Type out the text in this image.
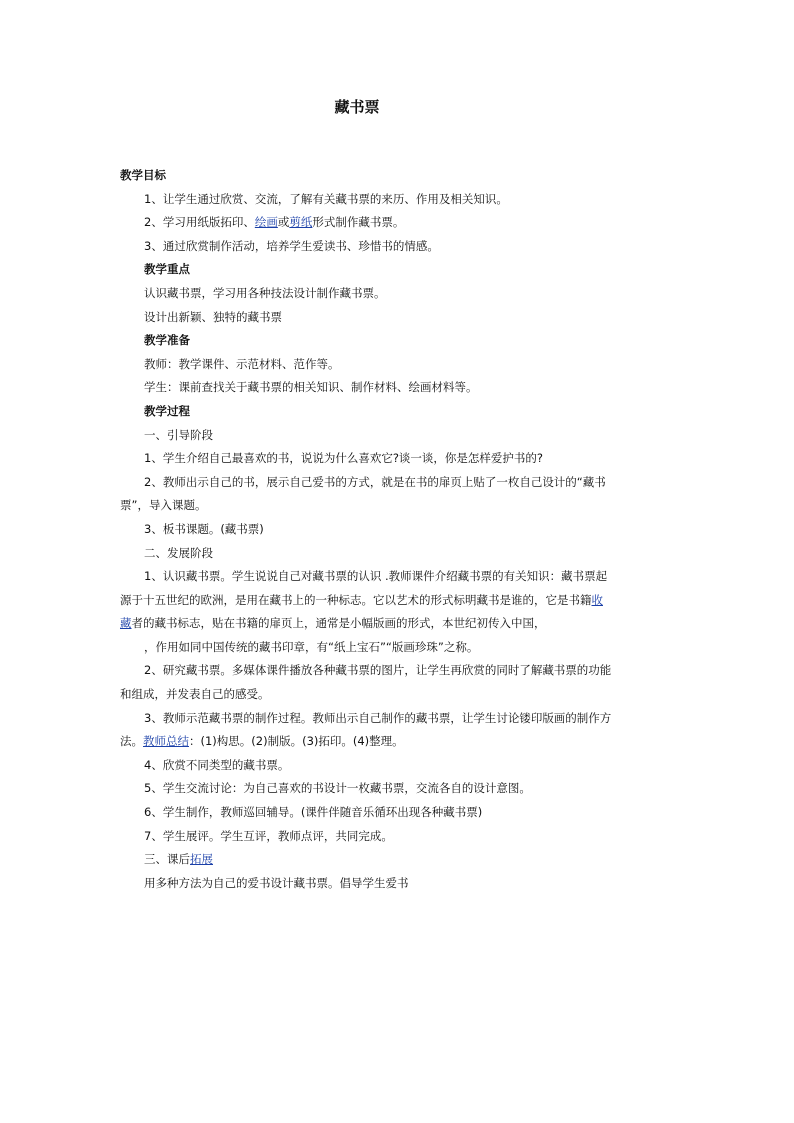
藏书票

教学目标

1、让学生通过欣赏、交流，了解有关藏书票的来历、作用及相关知识。

2、学习用纸版拓印、绘画或剪纸形式制作藏书票。

3、通过欣赏制作活动，培养学生爱读书、珍惜书的情感。

教学重点

认识藏书票，学习用各种技法设计制作藏书票。

设计出新颖、独特的藏书票

教学准备

教师：教学课件、示范材料、范作等。

学生：课前查找关于藏书票的相关知识、制作材料、绘画材料等。

教学过程

一、引导阶段

1、学生介绍自己最喜欢的书，说说为什么喜欢它?谈一谈，你是怎样爱护书的?

2、教师出示自己的书，展示自己爱书的方式，就是在书的扉页上贴了一枚自己设计的“藏书

票”，导入课题。

3、板书课题。(藏书票)

二、发展阶段

1、认识藏书票。学生说说自己对藏书票的认识 .教师课件介绍藏书票的有关知识：藏书票起

源于十五世纪的欧洲，是用在藏书上的一种标志。它以艺术的形式标明藏书是谁的，它是书籍收

藏者的藏书标志，贴在书籍的扉页上，通常是小幅版画的形式，本世纪初传入中国，

，作用如同中国传统的藏书印章，有“纸上宝石”“版画珍珠”之称。

2、研究藏书票。多媒体课件播放各种藏书票的图片，让学生再欣赏的同时了解藏书票的功能

和组成，并发表自己的感受。

3、教师示范藏书票的制作过程。教师出示自己制作的藏书票，让学生讨论镂印版画的制作方

法。教师总结：(1)构思。(2)制版。(3)拓印。(4)整理。

4、欣赏不同类型的藏书票。

5、学生交流讨论：为自己喜欢的书设计一枚藏书票，交流各自的设计意图。

6、学生制作，教师巡回辅导。(课件伴随音乐循环出现各种藏书票)

7、学生展评。学生互评，教师点评，共同完成。

三、课后拓展

用多种方法为自己的爱书设计藏书票。倡导学生爱书
